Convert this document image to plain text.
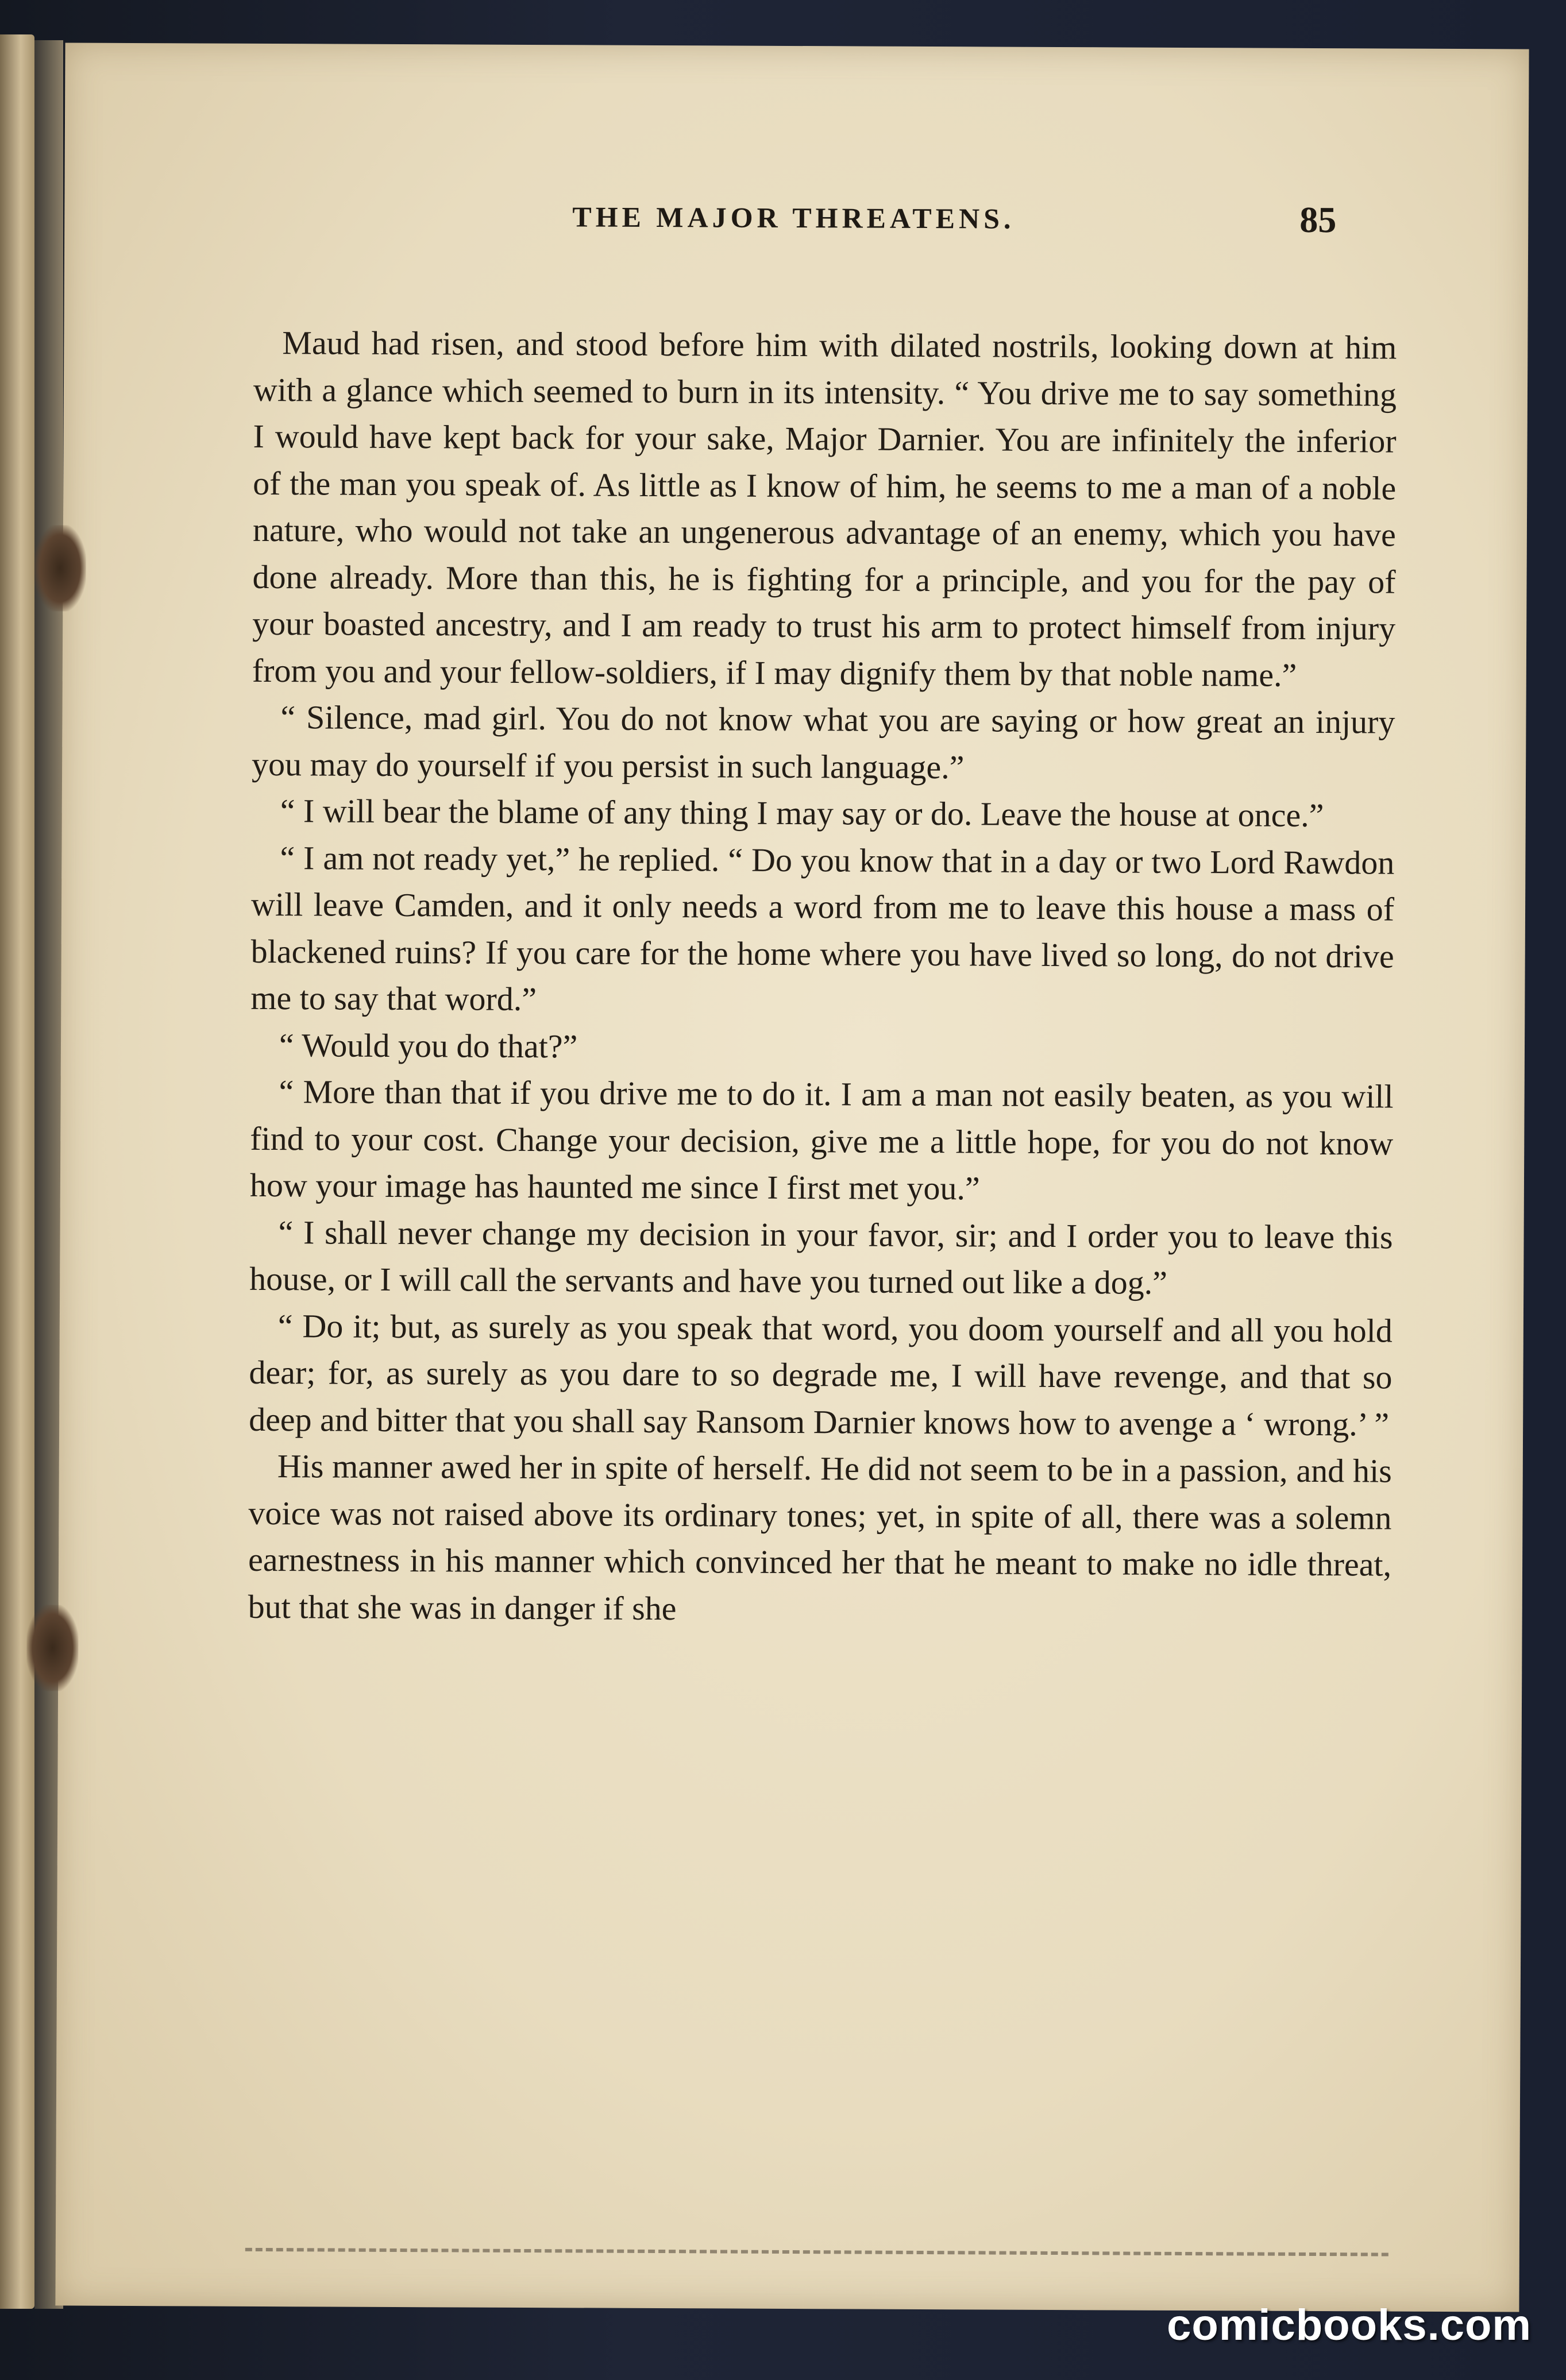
THE MAJOR THREATENS.	85

Maud had risen, and stood before him with dilated nostrils, looking down at him with a glance which seemed to burn in its intensity. “ You drive me to say something I would have kept back for your sake, Major Darnier. You are infinitely the inferior of the man you speak of. As little as I know of him, he seems to me a man of a noble nature, who would not take an ungenerous advantage of an enemy, which you have done already. More than this, he is fighting for a principle, and you for the pay of your boasted ancestry, and I am ready to trust his arm to protect himself from injury from you and your fellow-soldiers, if I may dignify them by that noble name.”

“ Silence, mad girl. You do not know what you are saying or how great an injury you may do yourself if you persist in such language.”

“ I will bear the blame of any thing I may say or do. Leave the house at once.”

“ I am not ready yet,” he replied. “ Do you know that in a day or two Lord Rawdon will leave Camden, and it only needs a word from me to leave this house a mass of blackened ruins? If you care for the home where you have lived so long, do not drive me to say that word.”

“ Would you do that?”

“ More than that if you drive me to do it. I am a man not easily beaten, as you will find to your cost. Change your decision, give me a little hope, for you do not know how your image has haunted me since I first met you.”

“ I shall never change my decision in your favor, sir; and I order you to leave this house, or I will call the servants and have you turned out like a dog.”

“ Do it; but, as surely as you speak that word, you doom yourself and all you hold dear; for, as surely as you dare to so degrade me, I will have revenge, and that so deep and bitter that you shall say Ransom Darnier knows how to avenge a ‘ wrong.’ ”

His manner awed her in spite of herself. He did not seem to be in a passion, and his voice was not raised above its ordinary tones; yet, in spite of all, there was a solemn earnestness in his manner which convinced her that he meant to make no idle threat, but that she was in danger if she

comicbooks.com
